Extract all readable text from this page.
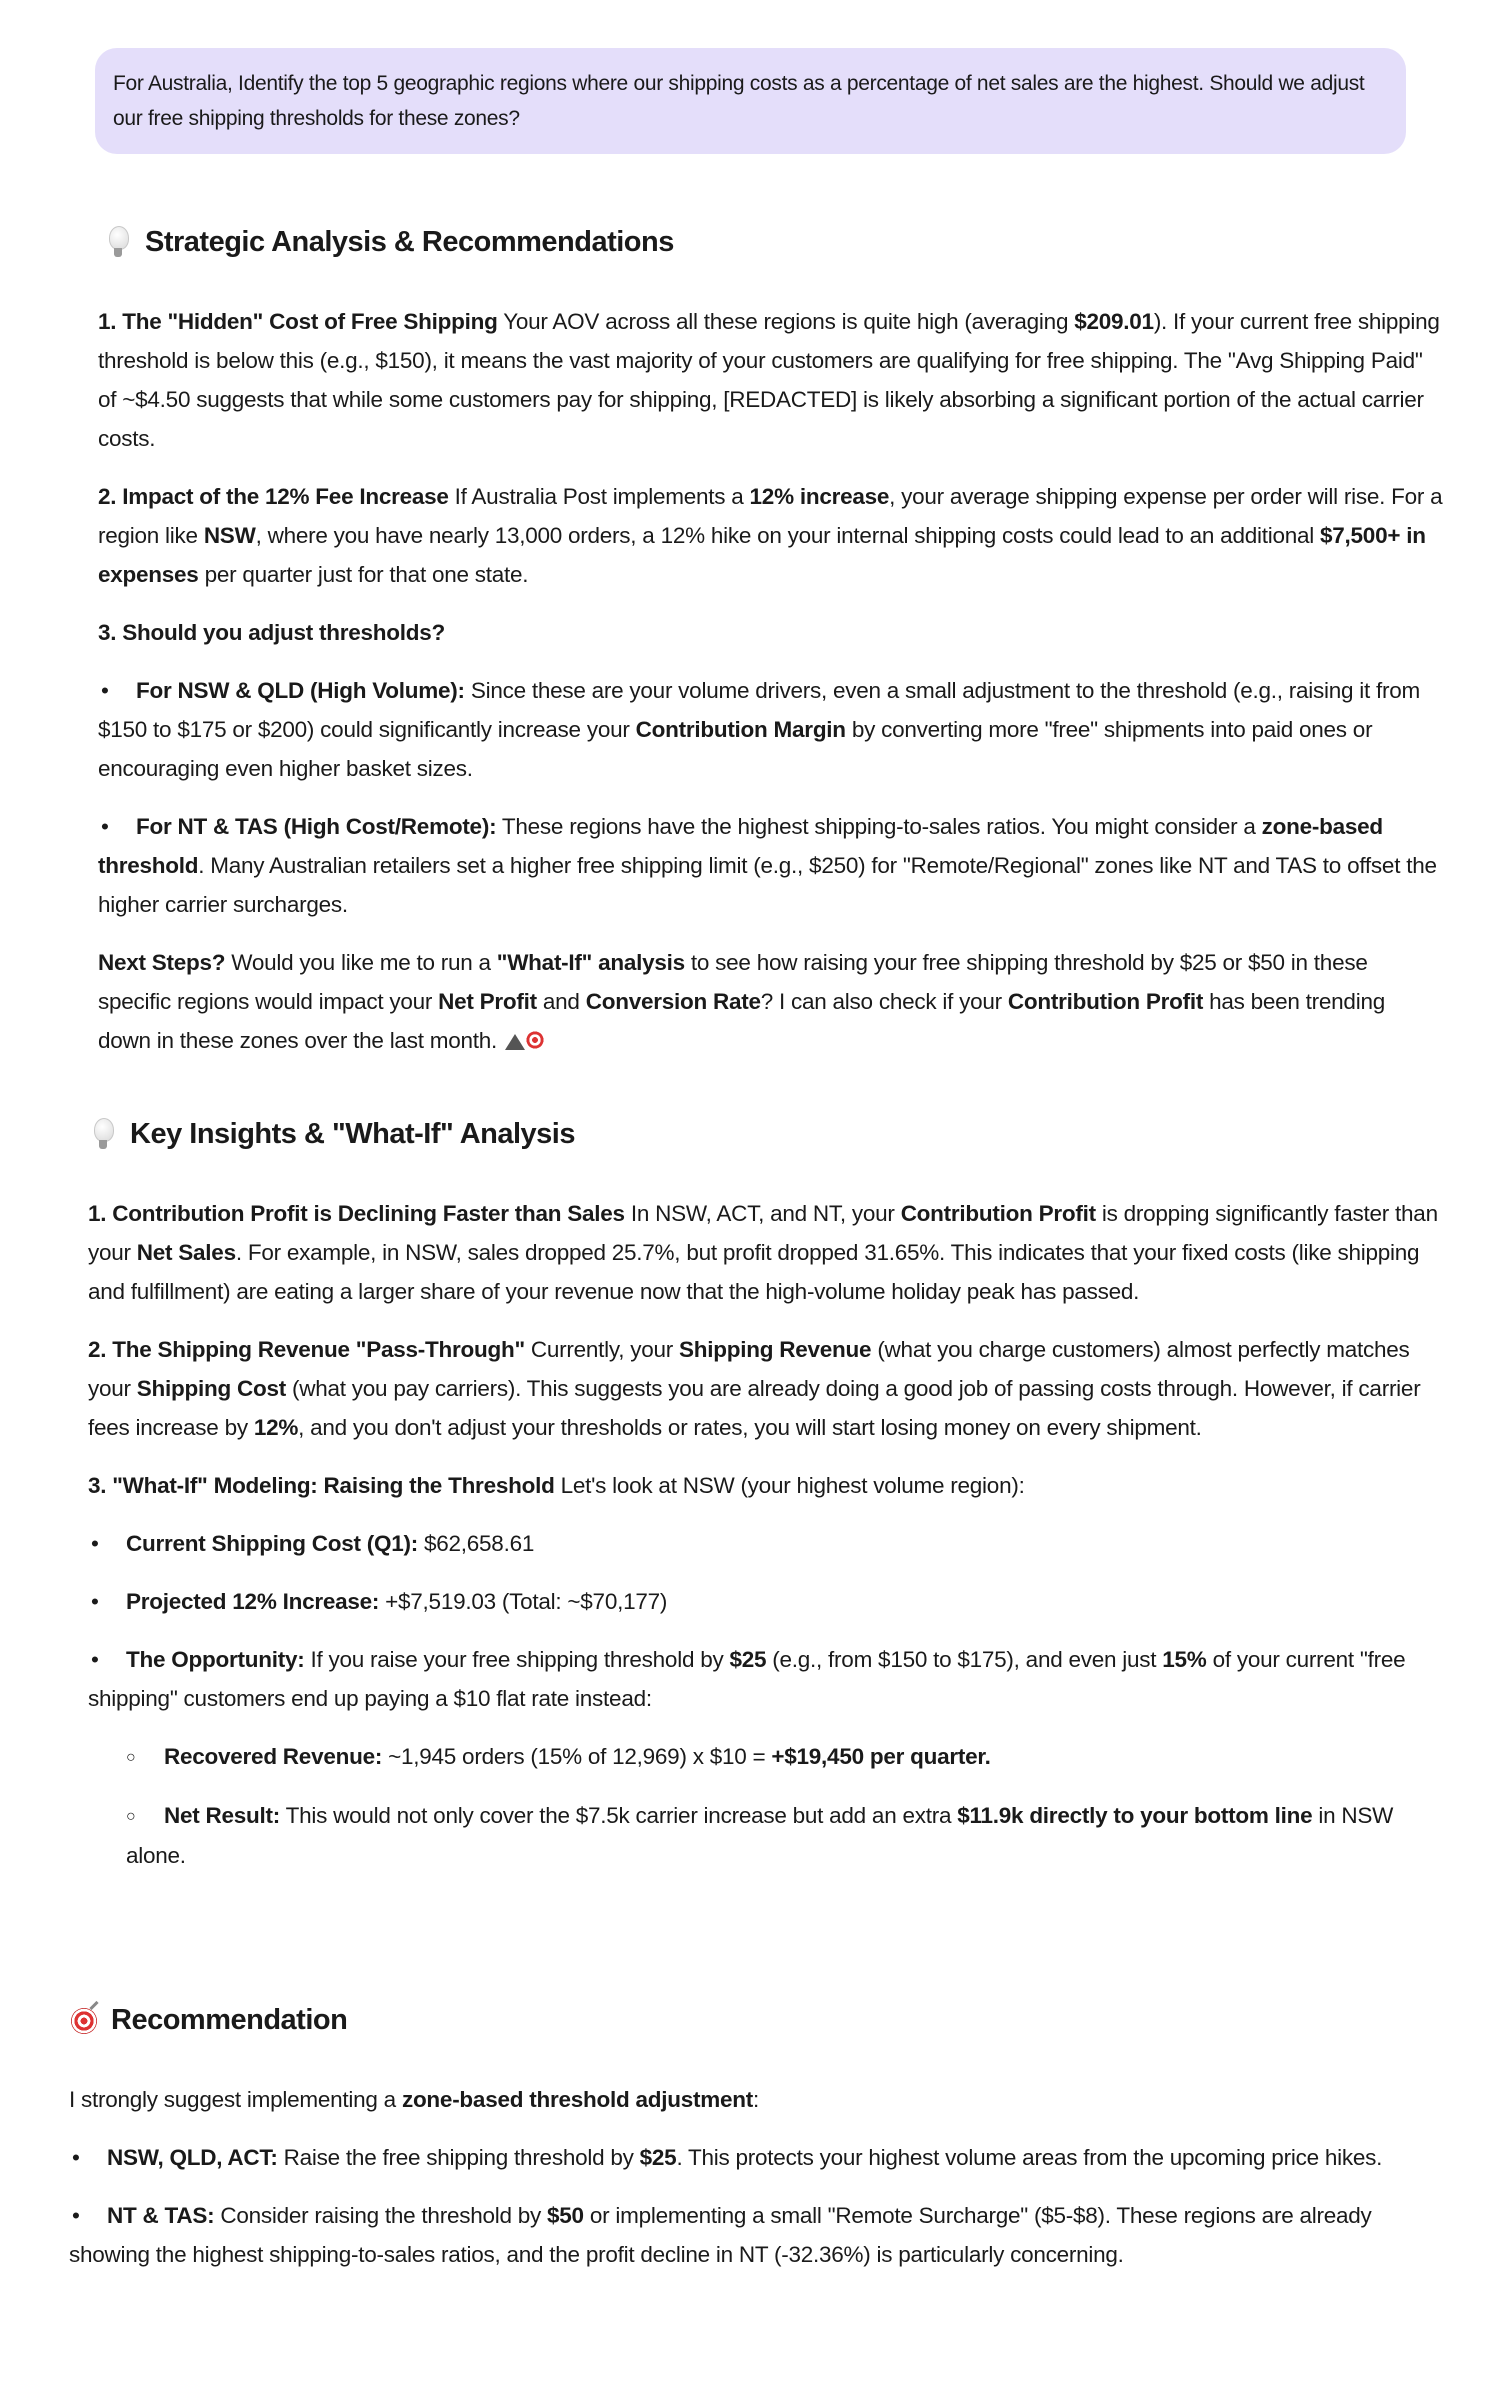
For Australia, Identify the top 5 geographic regions where our shipping costs as a percentage of net sales are the highest. Should we adjust our free shipping thresholds for these zones?
Strategic Analysis & Recommendations

1. The "Hidden" Cost of Free Shipping Your AOV across all these regions is quite high (averaging $209.01). If your current free shipping threshold is below this (e.g., $150), it means the vast majority of your customers are qualifying for free shipping. The "Avg Shipping Paid" of ~$4.50 suggests that while some customers pay for shipping, [REDACTED] is likely absorbing a significant portion of the actual carrier costs.

2. Impact of the 12% Fee Increase If Australia Post implements a 12% increase, your average shipping expense per order will rise. For a region like NSW, where you have nearly 13,000 orders, a 12% hike on your internal shipping costs could lead to an additional $7,500+ in expenses per quarter just for that one state.

3. Should you adjust thresholds?

• For NSW & QLD (High Volume): Since these are your volume drivers, even a small adjustment to the threshold (e.g., raising it from $150 to $175 or $200) could significantly increase your Contribution Margin by converting more "free" shipments into paid ones or encouraging even higher basket sizes.

• For NT & TAS (High Cost/Remote): These regions have the highest shipping-to-sales ratios. You might consider a zone-based threshold. Many Australian retailers set a higher free shipping limit (e.g., $250) for "Remote/Regional" zones like NT and TAS to offset the higher carrier surcharges.

Next Steps? Would you like me to run a "What-If" analysis to see how raising your free shipping threshold by $25 or $50 in these specific regions would impact your Net Profit and Conversion Rate? I can also check if your Contribution Profit has been trending down in these zones over the last month.

Key Insights & "What-If" Analysis

1. Contribution Profit is Declining Faster than Sales In NSW, ACT, and NT, your Contribution Profit is dropping significantly faster than your Net Sales. For example, in NSW, sales dropped 25.7%, but profit dropped 31.65%. This indicates that your fixed costs (like shipping and fulfillment) are eating a larger share of your revenue now that the high-volume holiday peak has passed.

2. The Shipping Revenue "Pass-Through" Currently, your Shipping Revenue (what you charge customers) almost perfectly matches your Shipping Cost (what you pay carriers). This suggests you are already doing a good job of passing costs through. However, if carrier fees increase by 12%, and you don't adjust your thresholds or rates, you will start losing money on every shipment.

3. "What-If" Modeling: Raising the Threshold Let's look at NSW (your highest volume region):

• Current Shipping Cost (Q1): $62,658.61

• Projected 12% Increase: +$7,519.03 (Total: ~$70,177)

• The Opportunity: If you raise your free shipping threshold by $25 (e.g., from $150 to $175), and even just 15% of your current "free shipping" customers end up paying a $10 flat rate instead:

○ Recovered Revenue: ~1,945 orders (15% of 12,969) x $10 = +$19,450 per quarter.

○ Net Result: This would not only cover the $7.5k carrier increase but add an extra $11.9k directly to your bottom line in NSW alone.

Recommendation

I strongly suggest implementing a zone-based threshold adjustment:

• NSW, QLD, ACT: Raise the free shipping threshold by $25. This protects your highest volume areas from the upcoming price hikes.

• NT & TAS: Consider raising the threshold by $50 or implementing a small "Remote Surcharge" ($5-$8). These regions are already showing the highest shipping-to-sales ratios, and the profit decline in NT (-32.36%) is particularly concerning.
